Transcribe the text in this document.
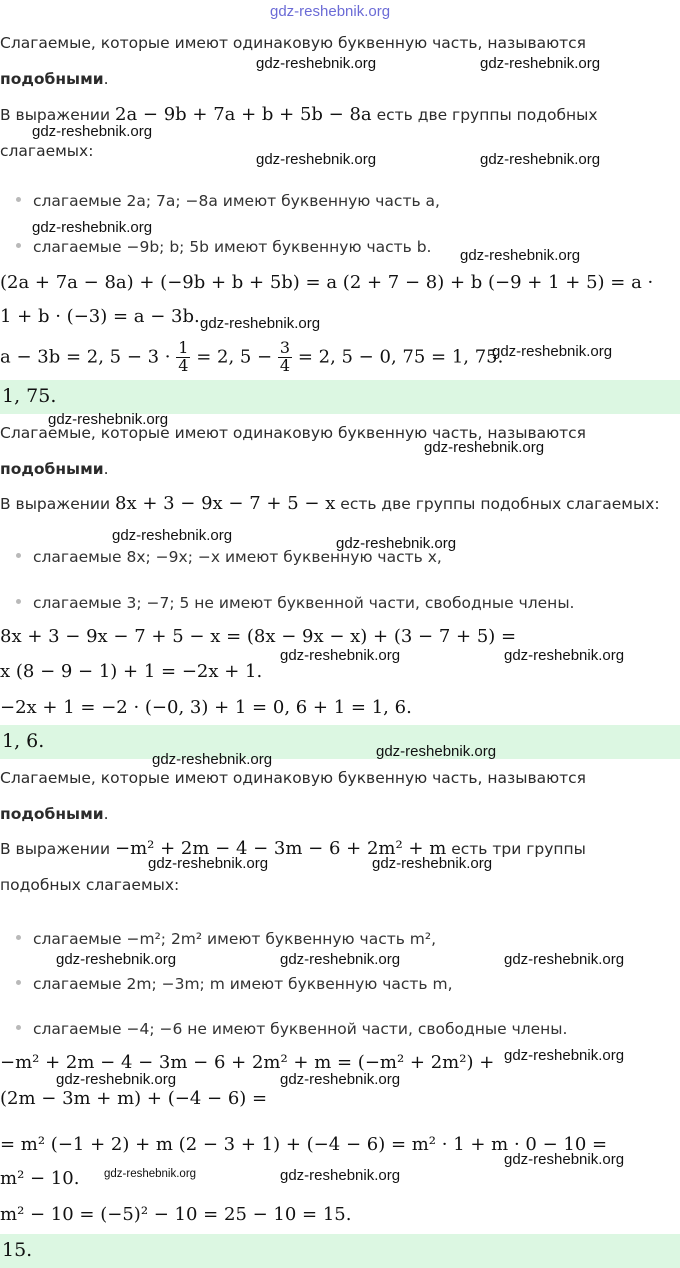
gdz-reshebnik.org
Слагаемые, которые имеют одинаковую буквенную часть, называются
подобными.
В выражении 2a − 9b + 7a + b + 5b − 8a есть две группы подобных
слагаемых:
слагаемые 2a; 7a; −8a имеют буквенную часть a,
слагаемые −9b; b; 5b имеют буквенную часть b.
(2a + 7a − 8a) + (−9b + b + 5b) = a (2 + 7 − 8) + b (−9 + 1 + 5) = a ·
1 + b · (−3) = a − 3b.
a − 3b = 2, $5 - 3 \cdot \frac{1}{4} = 2$, $5 - \frac{3}{4} = 2$, 5 − 0, 75 = 1, 75.
1, 75.
Слагаемые, которые имеют одинаковую буквенную часть, называются
подобными.
В выражении 8x + 3 − 9x − 7 + 5 − x есть две группы подобных слагаемых:
слагаемые 8x; −9x; −x имеют буквенную часть x,
слагаемые 3; −7; 5 не имеют буквенной части, свободные члены.
8x + 3 − 9x − 7 + 5 − x = (8x − 9x − x) + (3 − 7 + 5) =
x (8 − 9 − 1) + 1 = −2x + 1.
−2x + 1 = −2 · (−0, 3) + 1 = 0, 6 + 1 = 1, 6.
1, 6.
Слагаемые, которые имеют одинаковую буквенную часть, называются
подобными.
В выражении −m² + 2m − 4 − 3m − 6 + 2m² + m есть три группы
подобных слагаемых:
слагаемые −m²; 2m² имеют буквенную часть m²,
слагаемые 2m; −3m; m имеют буквенную часть m,
слагаемые −4; −6 не имеют буквенной части, свободные члены.
−m² + 2m − 4 − 3m − 6 + 2m² + m = (−m² + 2m²) +
(2m − 3m + m) + (−4 − 6) =
= m² (−1 + 2) + m (2 − 3 + 1) + (−4 − 6) = m² · 1 + m · 0 − 10 =
m² − 10.
m² − 10 = (−5)² − 10 = 25 − 10 = 15.
15.
gdz-reshebnik.org	gdz-reshebnik.org
gdz-reshebnik.org
gdz-reshebnik.org	gdz-reshebnik.org
gdz-reshebnik.org
gdz-reshebnik.org
gdz-reshebnik.org
gdz-reshebnik.org
gdz-reshebnik.org
gdz-reshebnik.org
gdz-reshebnik.org	gdz-reshebnik.org
gdz-reshebnik.org	gdz-reshebnik.org
gdz-reshebnik.org
gdz-reshebnik.org
gdz-reshebnik.org	gdz-reshebnik.org
gdz-reshebnik.org	gdz-reshebnik.org	gdz-reshebnik.org
gdz-reshebnik.org
gdz-reshebnik.org	gdz-reshebnik.org
gdz-reshebnik.org
gdz-reshebnik.org	gdz-reshebnik.org
